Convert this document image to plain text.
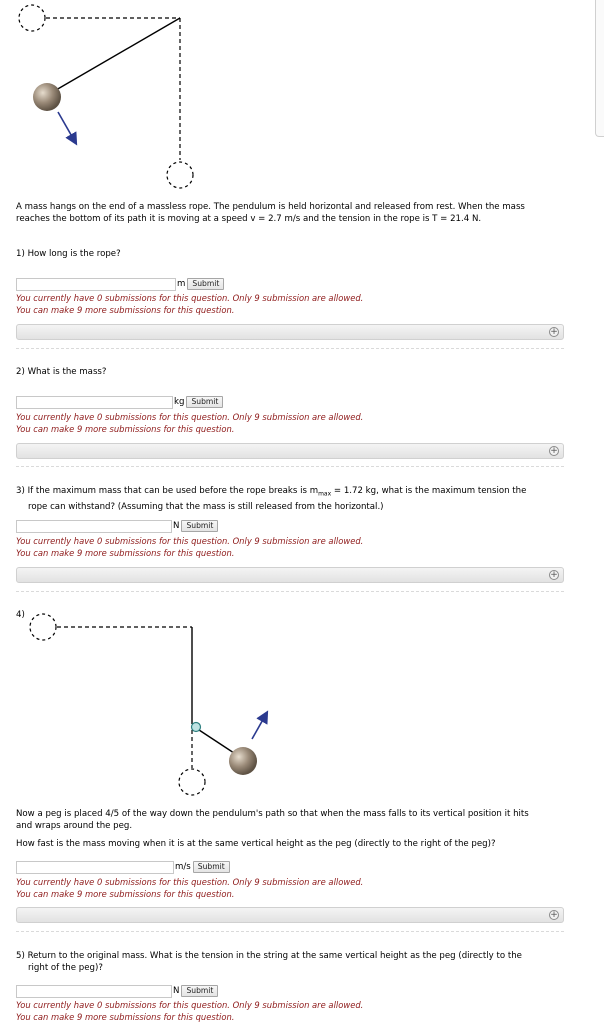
A mass hangs on the end of a massless rope. The pendulum is held horizontal and released from rest. When the mass
reaches the bottom of its path it is moving at a speed v = 2.7 m/s and the tension in the rope is T = 21.4 N.
1) How long is the rope?
m Submit
You currently have 0 submissions for this question. Only 9 submission are allowed.
You can make 9 more submissions for this question.
+
2) What is the mass?
kg Submit
You currently have 0 submissions for this question. Only 9 submission are allowed.
You can make 9 more submissions for this question.
+
3) If the maximum mass that can be used before the rope breaks is $m_{max} = 1.72$ kg, what is the maximum tension the
rope can withstand? (Assuming that the mass is still released from the horizontal.)
N Submit
You currently have 0 submissions for this question. Only 9 submission are allowed.
You can make 9 more submissions for this question.
+
4)
Now a peg is placed 4/5 of the way down the pendulum's path so that when the mass falls to its vertical position it hits
and wraps around the peg.
How fast is the mass moving when it is at the same vertical height as the peg (directly to the right of the peg)?
m/s Submit
You currently have 0 submissions for this question. Only 9 submission are allowed.
You can make 9 more submissions for this question.
+
5) Return to the original mass. What is the tension in the string at the same vertical height as the peg (directly to the
right of the peg)?
N Submit
You currently have 0 submissions for this question. Only 9 submission are allowed.
You can make 9 more submissions for this question.
